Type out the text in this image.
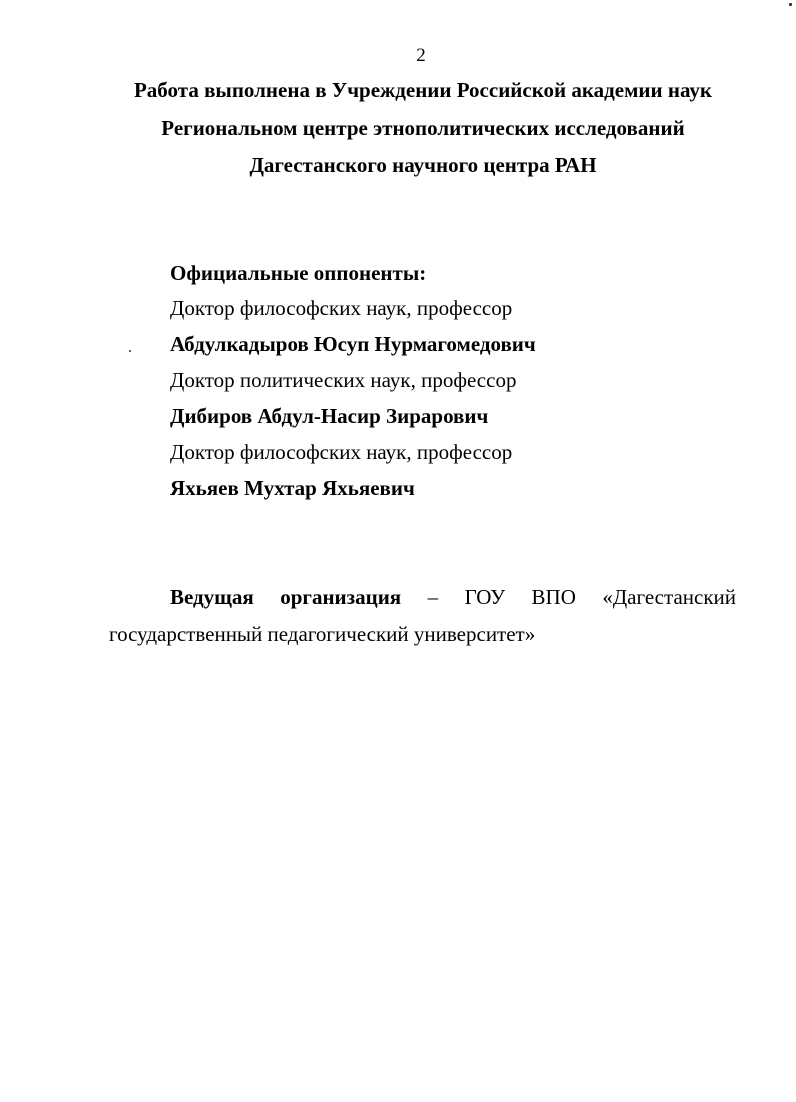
2
Работа выполнена в Учреждении Российской академии наук
Региональном центре этнополитических исследований
Дагестанского научного центра РАН
Официальные оппоненты:
Доктор философских наук, профессор
Абдулкадыров Юсуп Нурмагомедович
Доктор политических наук, профессор
Дибиров Абдул-Насир Зирарович
Доктор философских наук, профессор
Яхьяев Мухтар Яхьяевич
Ведущая организация – ГОУ ВПО «Дагестанский
государственный педагогический университет»
